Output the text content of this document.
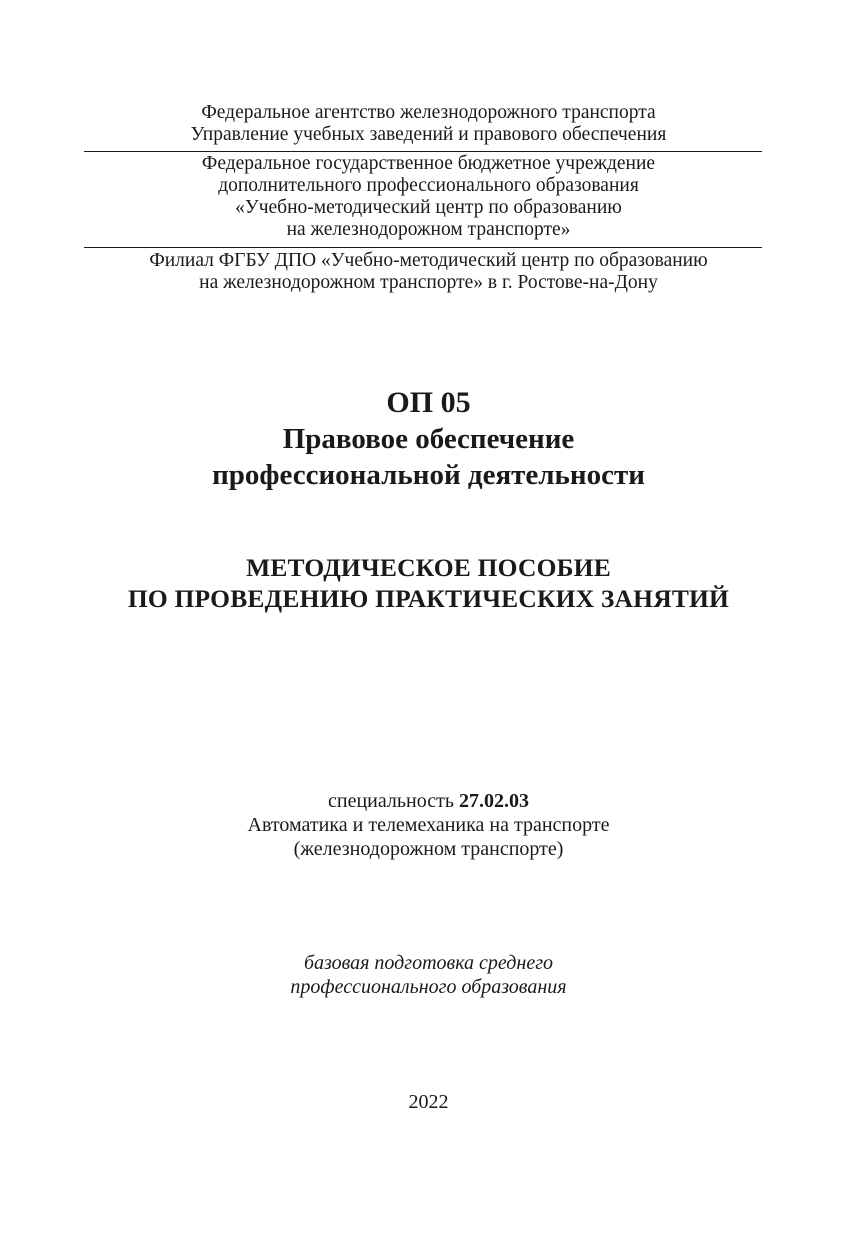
Федеральное агентство железнодорожного транспорта
Управление учебных заведений и правового обеспечения
Федеральное государственное бюджетное учреждение
дополнительного профессионального образования
«Учебно-методический центр по образованию
на железнодорожном транспорте»
Филиал ФГБУ ДПО «Учебно-методический центр по образованию
на железнодорожном транспорте» в г. Ростове-на-Дону
ОП 05
Правовое обеспечение
профессиональной деятельности
МЕТОДИЧЕСКОЕ ПОСОБИЕ
ПО ПРОВЕДЕНИЮ ПРАКТИЧЕСКИХ ЗАНЯТИЙ
специальность 27.02.03
Автоматика и телемеханика на транспорте
(железнодорожном транспорте)
базовая подготовка среднего
профессионального образования
2022
